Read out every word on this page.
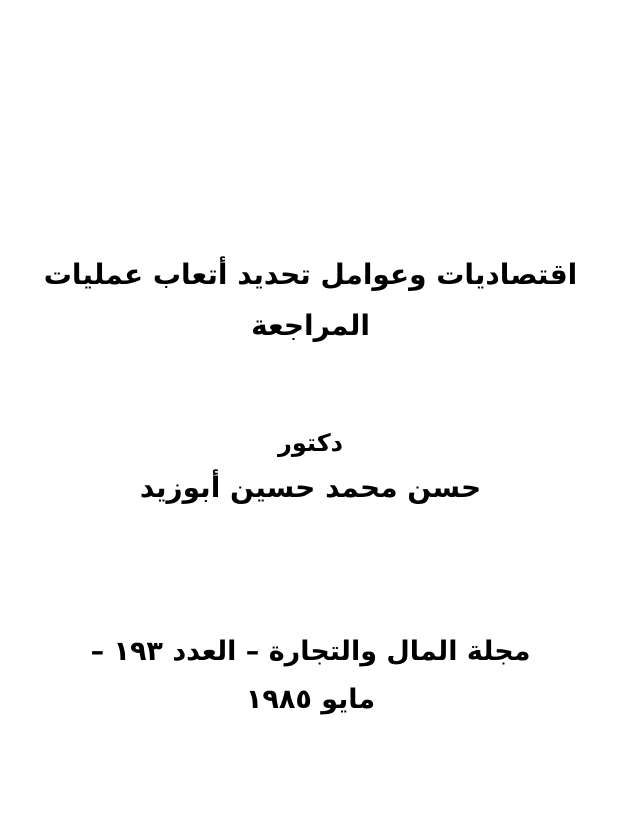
اقتصاديات وعوامل تحديد أتعاب عمليات
المراجعة
دكتور
حسن محمد حسين أبوزيد
مجلة المال والتجارة – العدد ١٩٣ –
مايو ١٩٨٥
